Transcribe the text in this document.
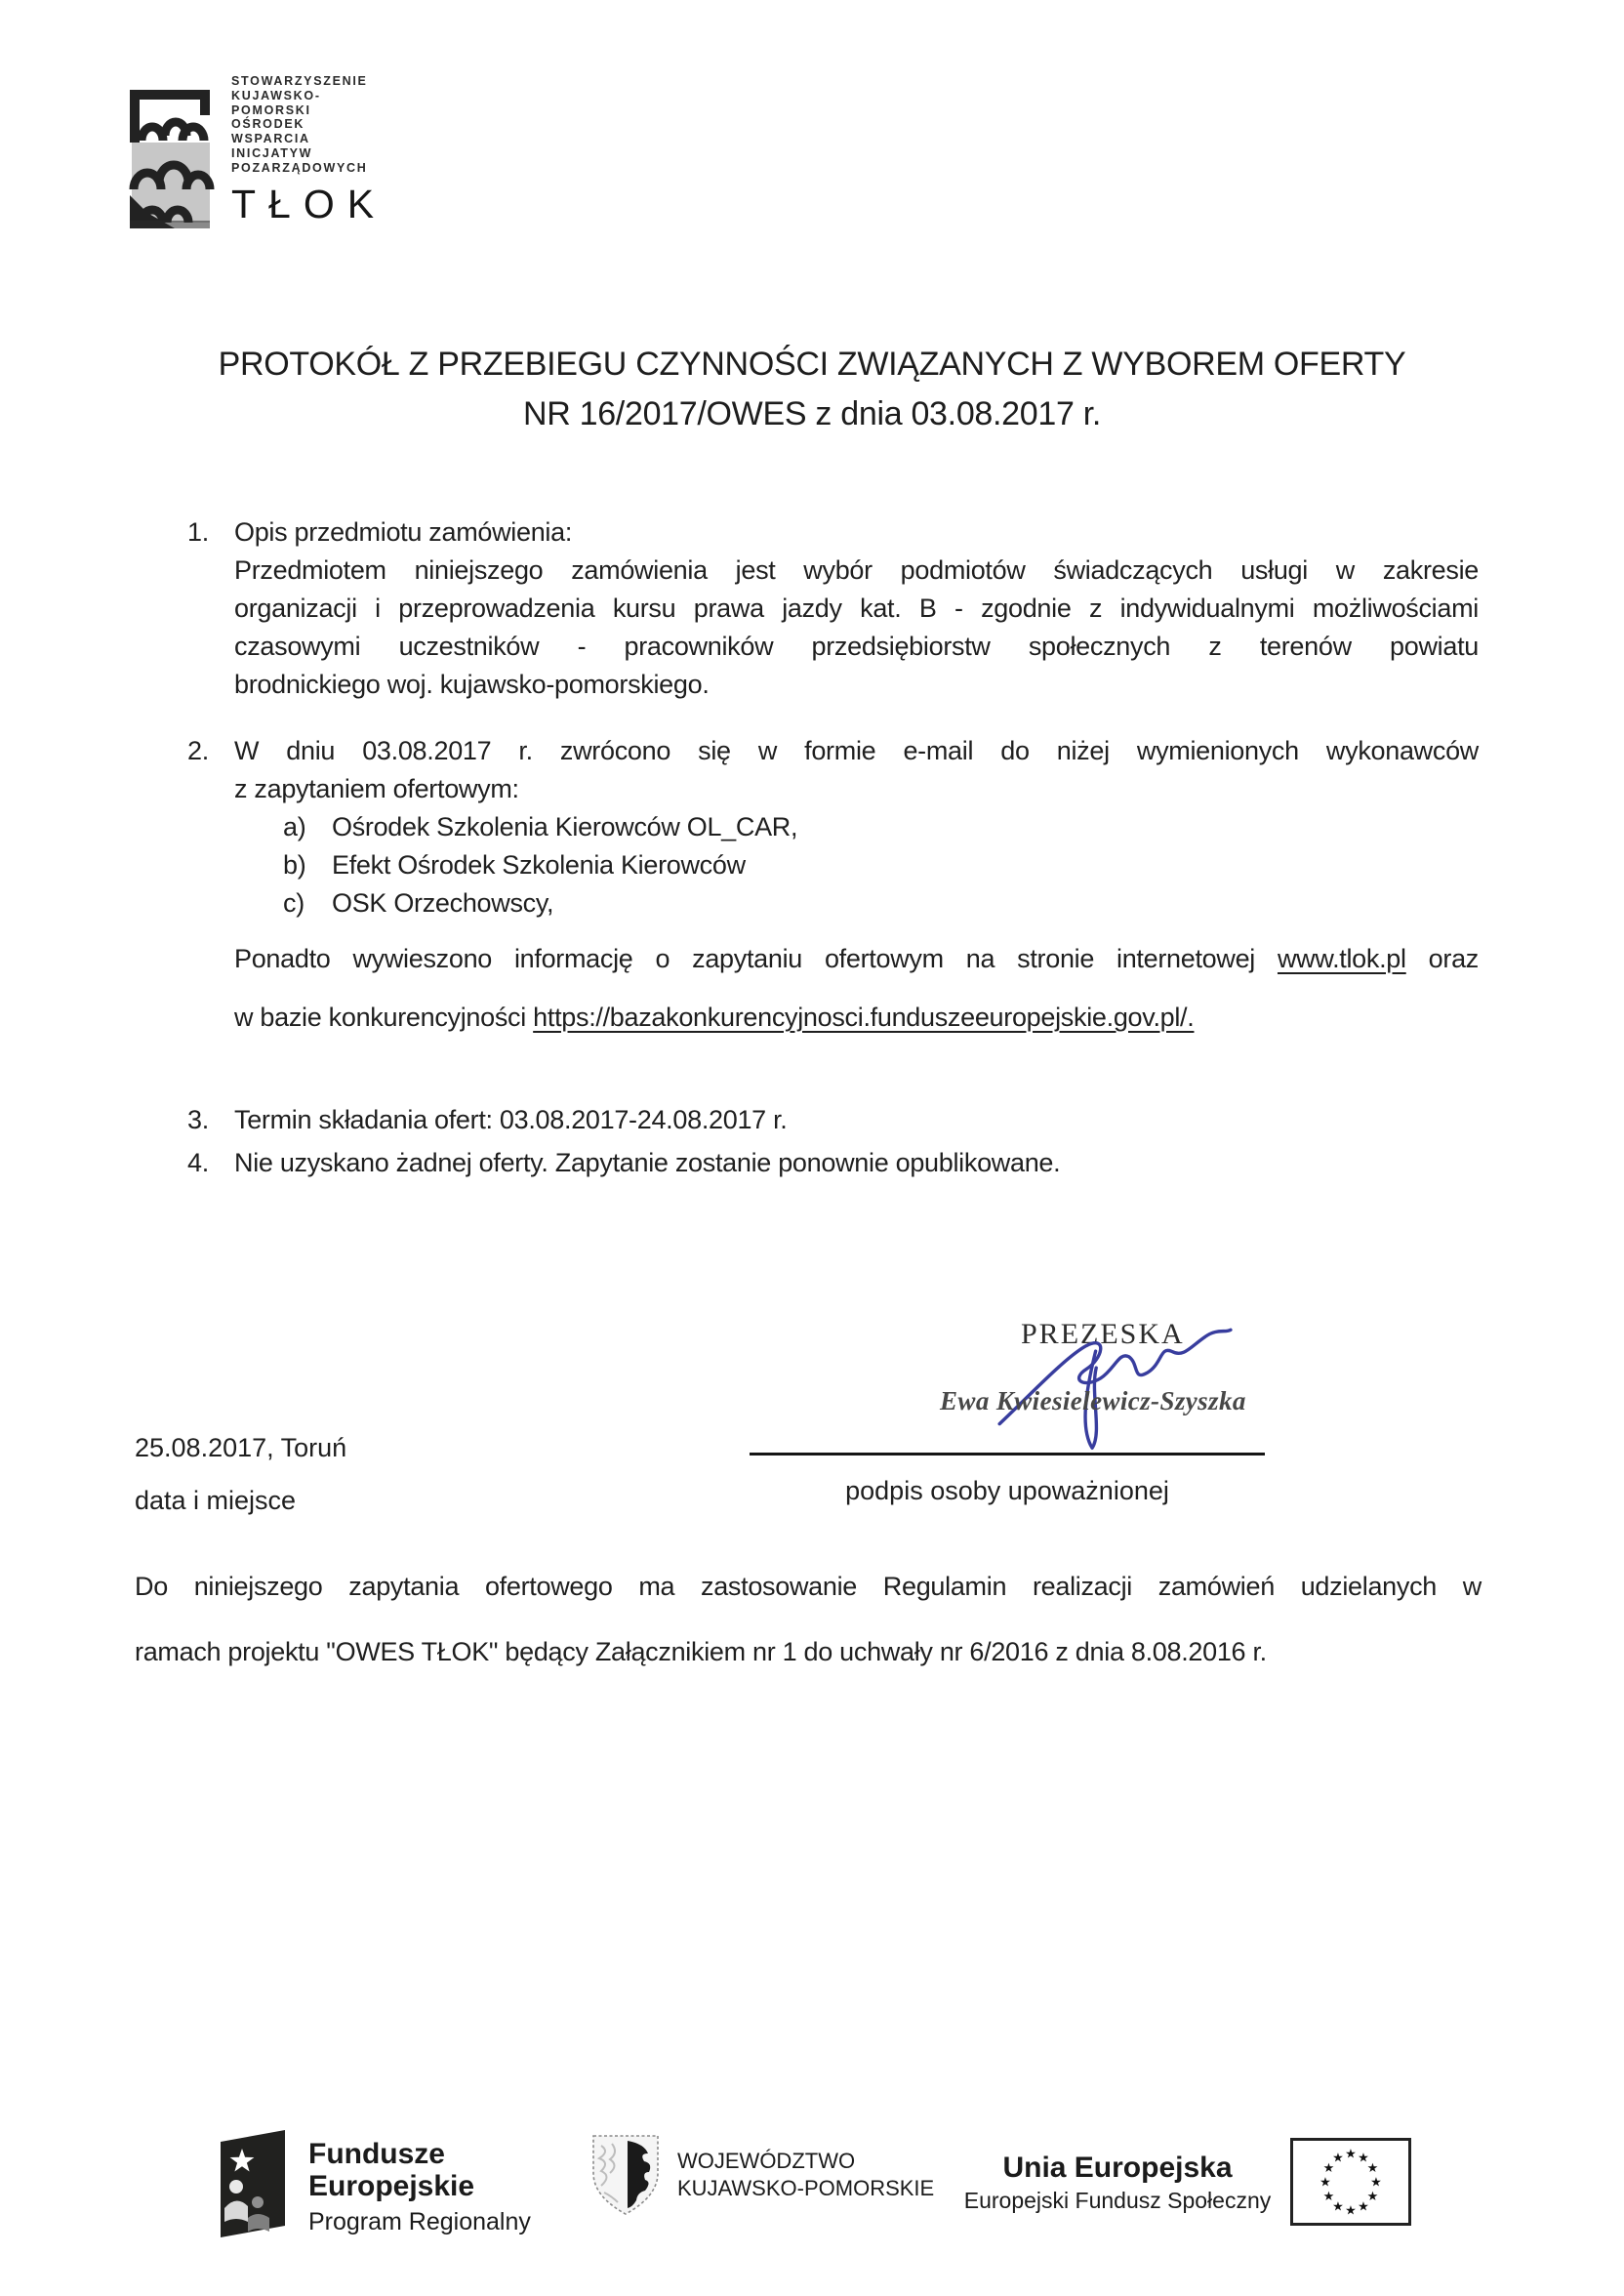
STOWARZYSZENIE
KUJAWSKO-
POMORSKI
OŚRODEK
WSPARCIA
INICJATYW
POZARZĄDOWYCH
TŁOK
PROTOKÓŁ Z PRZEBIEGU CZYNNOŚCI ZWIĄZANYCH Z WYBOREM OFERTY
NR 16/2017/OWES z dnia 03.08.2017 r.
1. Opis przedmiotu zamówienia:
Przedmiotem niniejszego zamówienia jest wybór podmiotów świadczących usługi w zakresie
organizacji i przeprowadzenia kursu prawa jazdy kat. B - zgodnie z indywidualnymi możliwościami
czasowymi uczestników - pracowników przedsiębiorstw społecznych z terenów powiatu
brodnickiego woj. kujawsko-pomorskiego.
2. W dniu 03.08.2017 r. zwrócono się w formie e-mail do niżej wymienionych wykonawców
z zapytaniem ofertowym:
a) Ośrodek Szkolenia Kierowców OL_CAR,
b) Efekt Ośrodek Szkolenia Kierowców
c)	OSK Orzechowscy,
Ponadto wywieszono informację o zapytaniu ofertowym na stronie internetowej www.tlok.pl oraz
w bazie konkurencyjności https://bazakonkurencyjnosci.funduszeeuropejskie.gov.pl/.
3. Termin składania ofert: 03.08.2017-24.08.2017 r.
4. Nie uzyskano żadnej oferty. Zapytanie zostanie ponownie opublikowane.
PREZESKA
Ewa Kwiesielewicz-Szyszka
podpis osoby upoważnionej
25.08.2017, Toruń
data i miejsce
Do niniejszego zapytania ofertowego ma zastosowanie Regulamin realizacji zamówień udzielanych w
ramach projektu "OWES TŁOK" będący Załącznikiem nr 1 do uchwały nr 6/2016 z dnia 8.08.2016 r.
Fundusze
Europejskie
Program Regionalny
WOJEWÓDZTWO
KUJAWSKO-POMORSKIE
Unia Europejska
Europejski Fundusz Społeczny
★
★
★
★
★
★
★
★
★ ★ ★
★
